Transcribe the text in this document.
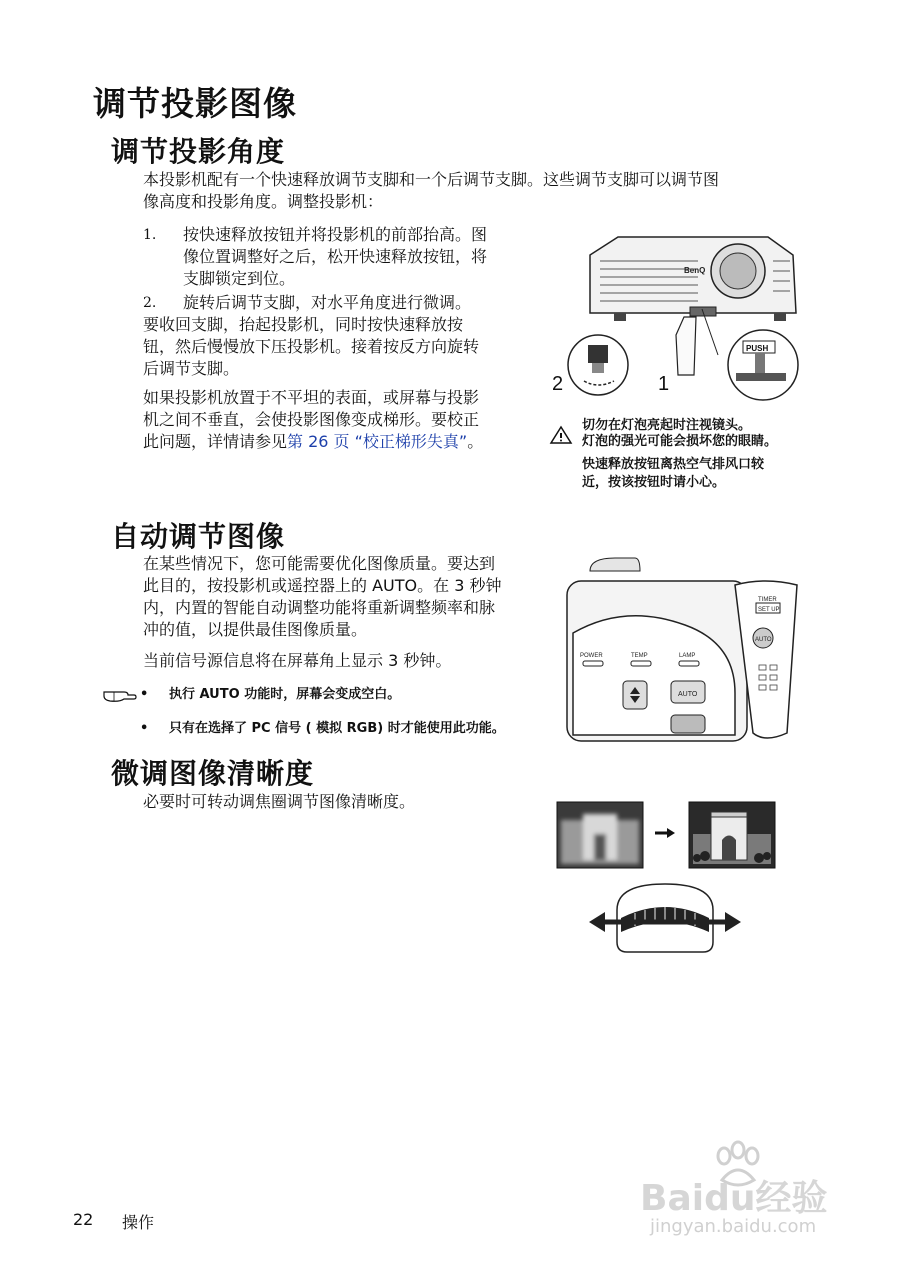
调节投影图像
调节投影角度
本投影机配有一个快速释放调节支脚和一个后调节支脚。这些调节支脚可以调节图
像高度和投影角度。调整投影机：
1. 按快速释放按钮并将投影机的前部抬高。图
像位置调整好之后，松开快速释放按钮，将
支脚锁定到位。
2. 旋转后调节支脚，对水平角度进行微调。
要收回支脚，抬起投影机，同时按快速释放按
钮，然后慢慢放下压投影机。接着按反方向旋转
后调节支脚。
如果投影机放置于不平坦的表面，或屏幕与投影
机之间不垂直，会使投影图像变成梯形。要校正
此问题，详情请参见第 26 页 “校正梯形失真”。
BenQ
2	1
PUSH
切勿在灯泡亮起时注视镜头。
灯泡的强光可能会损坏您的眼睛。
快速释放按钮离热空气排风口较
近，按该按钮时请小心。
自动调节图像
在某些情况下，您可能需要优化图像质量。要达到
此目的，按投影机或遥控器上的 AUTO。在 3 秒钟
内，内置的智能自动调整功能将重新调整频率和脉
冲的值，以提供最佳图像质量。
当前信号源信息将在屏幕角上显示 3 秒钟。
• 执行 AUTO 功能时，屏幕会变成空白。
• 只有在选择了 PC 信号 ( 模拟 RGB) 时才能使用此功能。
POWER	TEMP	LAMP
AUTO
TIMER
SET UP
AUTO
微调图像清晰度
必要时可转动调焦圈调节图像清晰度。
22 操作
Baidu经验
jingyan.baidu.com
